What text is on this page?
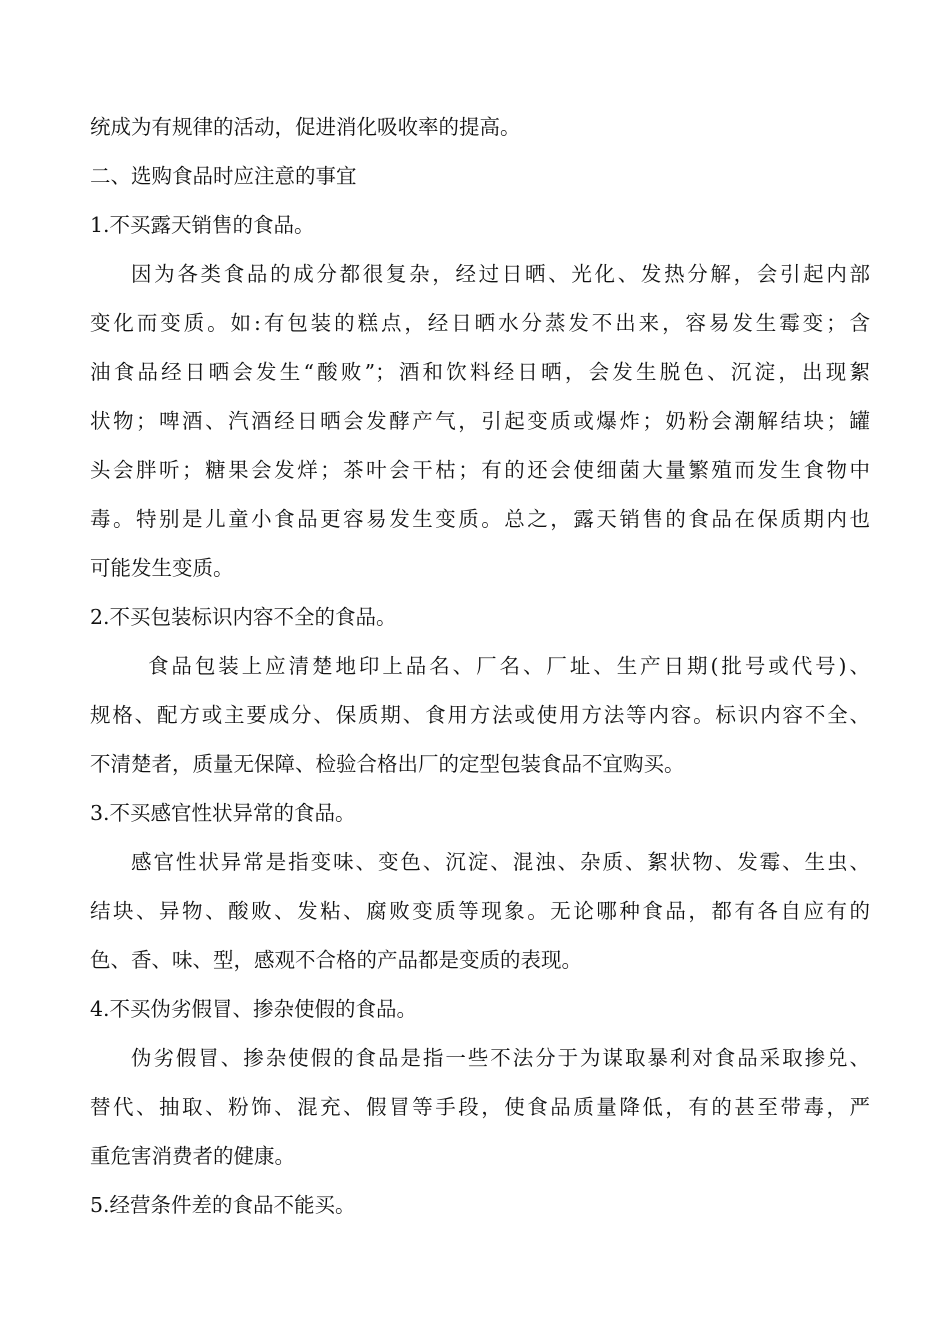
统成为有规律的活动，促进消化吸收率的提高。
二、选购食品时应注意的事宜
1.不买露天销售的食品。
因为各类食品的成分都很复杂，经过日晒、光化、发热分解，会引起内部
变化而变质。如:有包装的糕点，经日晒水分蒸发不出来，容易发生霉变；含
油食品经日晒会发生“酸败”；酒和饮料经日晒，会发生脱色、沉淀，出现絮
状物；啤酒、汽酒经日晒会发酵产气，引起变质或爆炸；奶粉会潮解结块；罐
头会胖听；糖果会发烊；茶叶会干枯；有的还会使细菌大量繁殖而发生食物中
毒。特别是儿童小食品更容易发生变质。总之，露天销售的食品在保质期内也
可能发生变质。
2.不买包装标识内容不全的食品。
食品包装上应清楚地印上品名、厂名、厂址、生产日期(批号或代号)、
规格、配方或主要成分、保质期、食用方法或使用方法等内容。标识内容不全、
不清楚者，质量无保障、检验合格出厂的定型包装食品不宜购买。
3.不买感官性状异常的食品。
感官性状异常是指变味、变色、沉淀、混浊、杂质、絮状物、发霉、生虫、
结块、异物、酸败、发粘、腐败变质等现象。无论哪种食品，都有各自应有的
色、香、味、型，感观不合格的产品都是变质的表现。
4.不买伪劣假冒、掺杂使假的食品。
伪劣假冒、掺杂使假的食品是指一些不法分于为谋取暴利对食品采取掺兑、
替代、抽取、粉饰、混充、假冒等手段，使食品质量降低，有的甚至带毒，严
重危害消费者的健康。
5.经营条件差的食品不能买。
